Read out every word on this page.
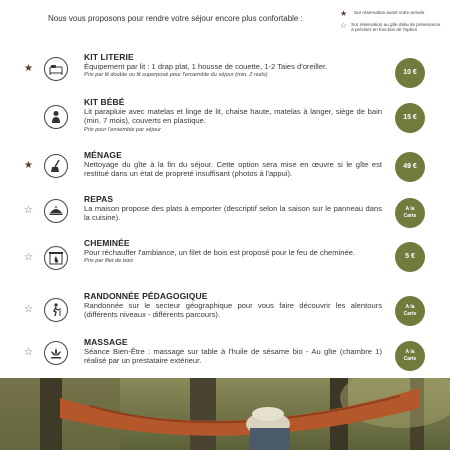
Nous vous proposons pour rendre votre séjour encore plus confortable :
★	Sur réservation avant votre arrivée
☆ Sur réservation au gîte délai de prévenance à préciser en fonction de l'option
★
KIT LITERIE
Équipement par lit : 1 drap plat, 1 housse de couette, 1-2 Taies d'oreiller.
Prix par lit double ou lit superposé pour l'ensemble du séjour (min. 2 nuits)	10 €
KIT BÉBÉ
Lit parapluie avec matelas et linge de lit, chaise haute, matelas à langer, siège de bain (min. 7 mois), couverts en plastique.
Prix pour l'ensemble par séjour
15 €
★
MÉNAGE
Nettoyage du gîte à la fin du séjour. Cette option sera mise en œuvre si le gîte est restitué dans un état de propreté insuffisant (photos à l'appui).
49 €
☆
REPAS
La maison propose des plats à emporter (descriptif selon la saison sur le panneau dans la cuisine).
A la
Carte
☆
CHEMINÉE
Pour réchauffer l'ambiance, un filet de bois est proposé pour le feu de cheminée.
Prix par filet de bois
5 €
☆
RANDONNÉE PÉDAGOGIQUE
Randonnée sur le secteur géographique pour vous faire découvrir les alentours (différents niveaux - différents parcours).
A la
Carte
☆
MASSAGE
Séance Bien-Être : massage sur table à l'huile de sésame bio - Au gîte (chambre 1) réalisé par un prestataire extérieur.
A la
Carte
